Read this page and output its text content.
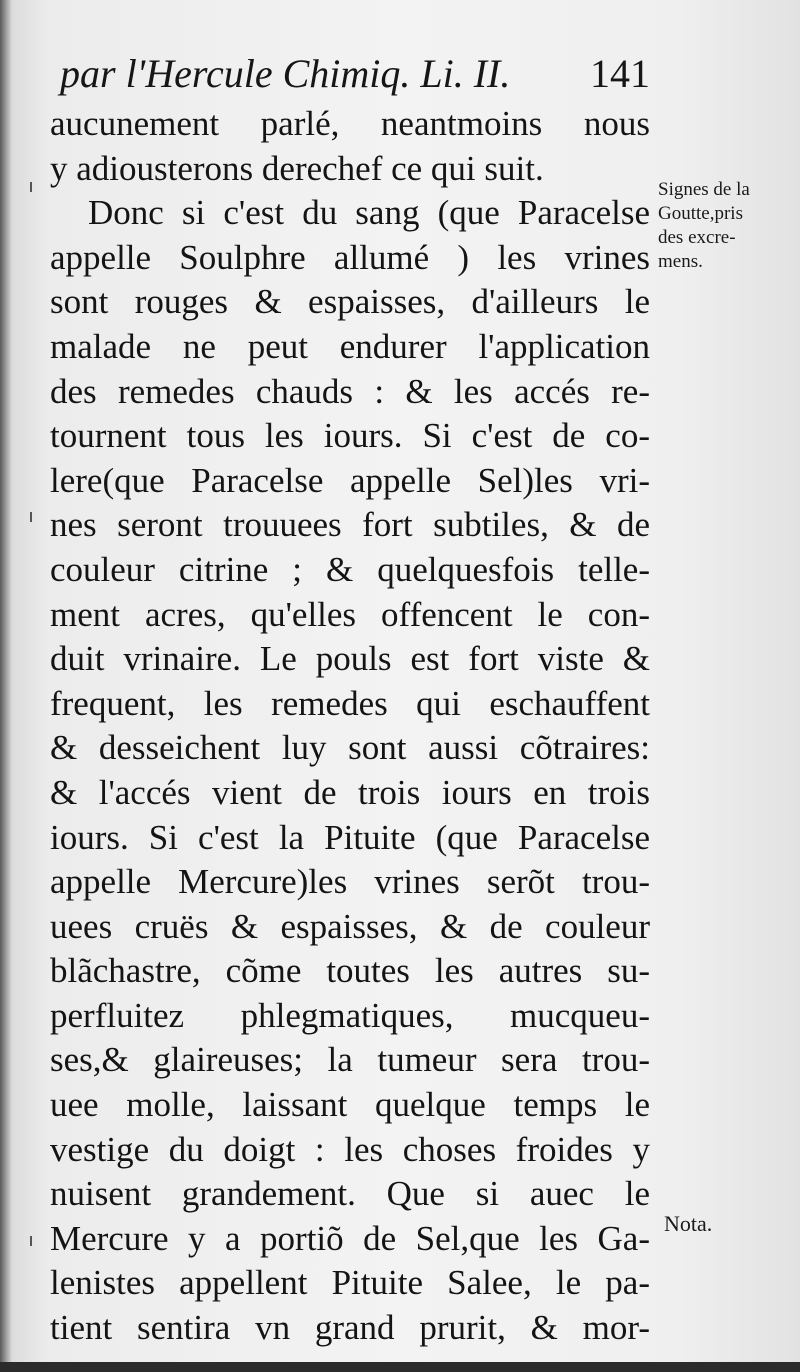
par l'Hercule Chimiq. Li. II. 141
aucunement parlé, neantmoins nous
y adiousterons derechef ce qui suit.
Donc si c'est du sang (que Paracelse
appelle Soulphre allumé ) les vrines
sont rouges & espaisses, d'ailleurs le
malade ne peut endurer l'application
des remedes chauds : & les accés re-
tournent tous les iours. Si c'est de co-
lere(que Paracelse appelle Sel)les vri-
nes seront trouuees fort subtiles, & de
couleur citrine ; & quelquesfois telle-
ment acres, qu'elles offencent le con-
duit vrinaire. Le pouls est fort viste &
frequent, les remedes qui eschauffent
& desseichent luy sont aussi cõtraires:
& l'accés vient de trois iours en trois
iours. Si c'est la Pituite (que Paracelse
appelle Mercure)les vrines serõt trou-
uees cruës & espaisses, & de couleur
blãchastre, cõme toutes les autres su-
perfluitez phlegmatiques, mucqueu-
ses,& glaireuses; la tumeur sera trou-
uee molle, laissant quelque temps le
vestige du doigt : les choses froides y
nuisent grandement. Que si auec le
Mercure y a portiõ de Sel,que les Ga-
lenistes appellent Pituite Salee, le pa-
tient sentira vn grand prurit, & mor-
Signes de la
Goutte,pris
des excre-
mens.
Nota.
